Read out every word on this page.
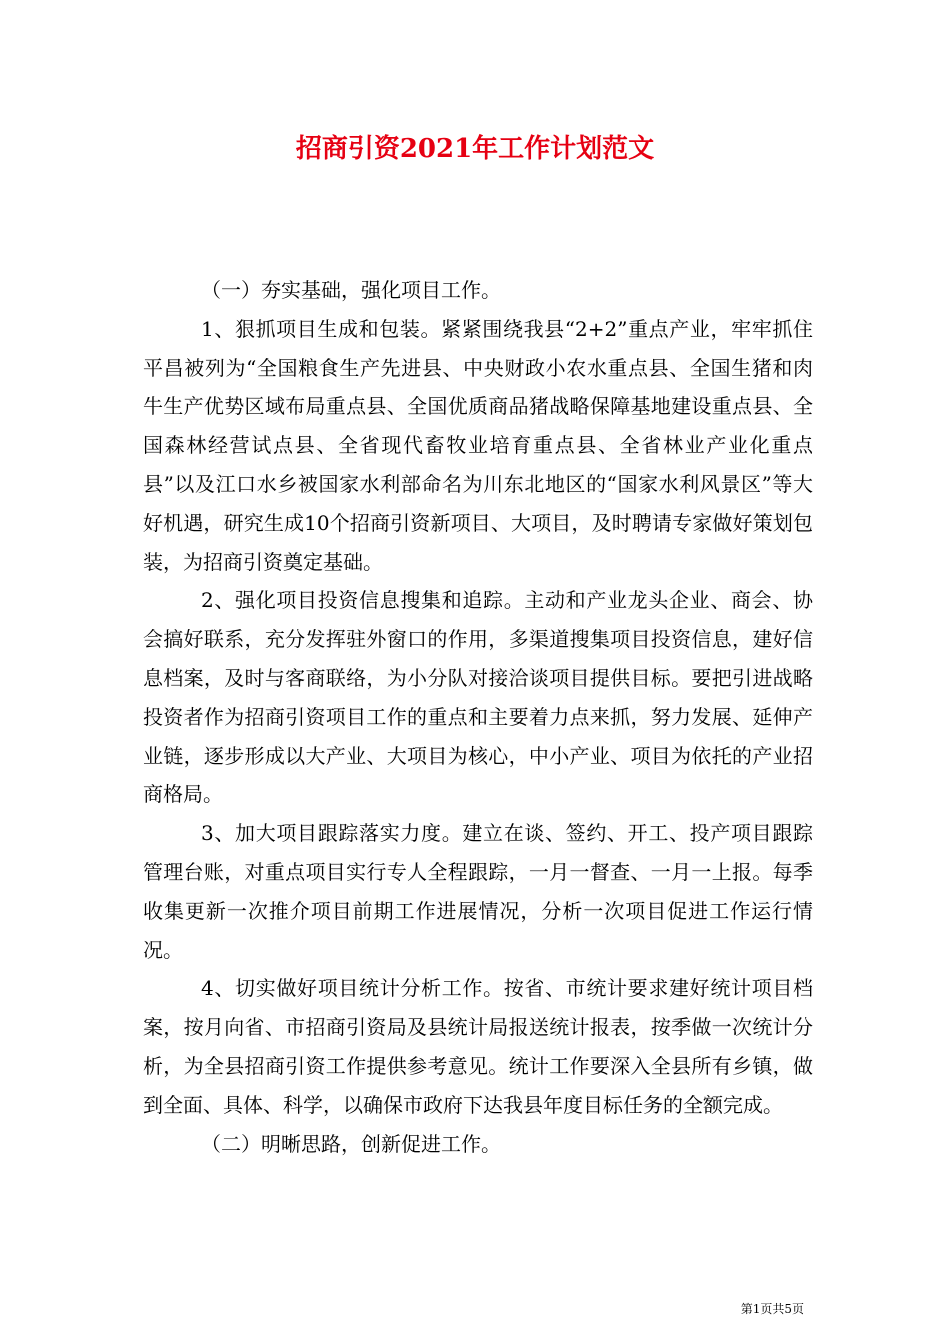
招商引资2021年工作计划范文

（一）夯实基础，强化项目工作。

1、狠抓项目生成和包装。紧紧围绕我县“2+2”重点产业，牢牢抓住平昌被列为“全国粮食生产先进县、中央财政小农水重点县、全国生猪和肉牛生产优势区域布局重点县、全国优质商品猪战略保障基地建设重点县、全国森林经营试点县、全省现代畜牧业培育重点县、全省林业产业化重点县”以及江口水乡被国家水利部命名为川东北地区的“国家水利风景区”等大好机遇，研究生成10个招商引资新项目、大项目，及时聘请专家做好策划包装，为招商引资奠定基础。

2、强化项目投资信息搜集和追踪。主动和产业龙头企业、商会、协会搞好联系，充分发挥驻外窗口的作用，多渠道搜集项目投资信息，建好信息档案，及时与客商联络，为小分队对接洽谈项目提供目标。要把引进战略投资者作为招商引资项目工作的重点和主要着力点来抓，努力发展、延伸产业链，逐步形成以大产业、大项目为核心，中小产业、项目为依托的产业招商格局。

3、加大项目跟踪落实力度。建立在谈、签约、开工、投产项目跟踪管理台账，对重点项目实行专人全程跟踪，一月一督查、一月一上报。每季收集更新一次推介项目前期工作进展情况，分析一次项目促进工作运行情况。

4、切实做好项目统计分析工作。按省、市统计要求建好统计项目档案，按月向省、市招商引资局及县统计局报送统计报表，按季做一次统计分析，为全县招商引资工作提供参考意见。统计工作要深入全县所有乡镇，做到全面、具体、科学，以确保市政府下达我县年度目标任务的全额完成。

（二）明晰思路，创新促进工作。

第1页共5页
